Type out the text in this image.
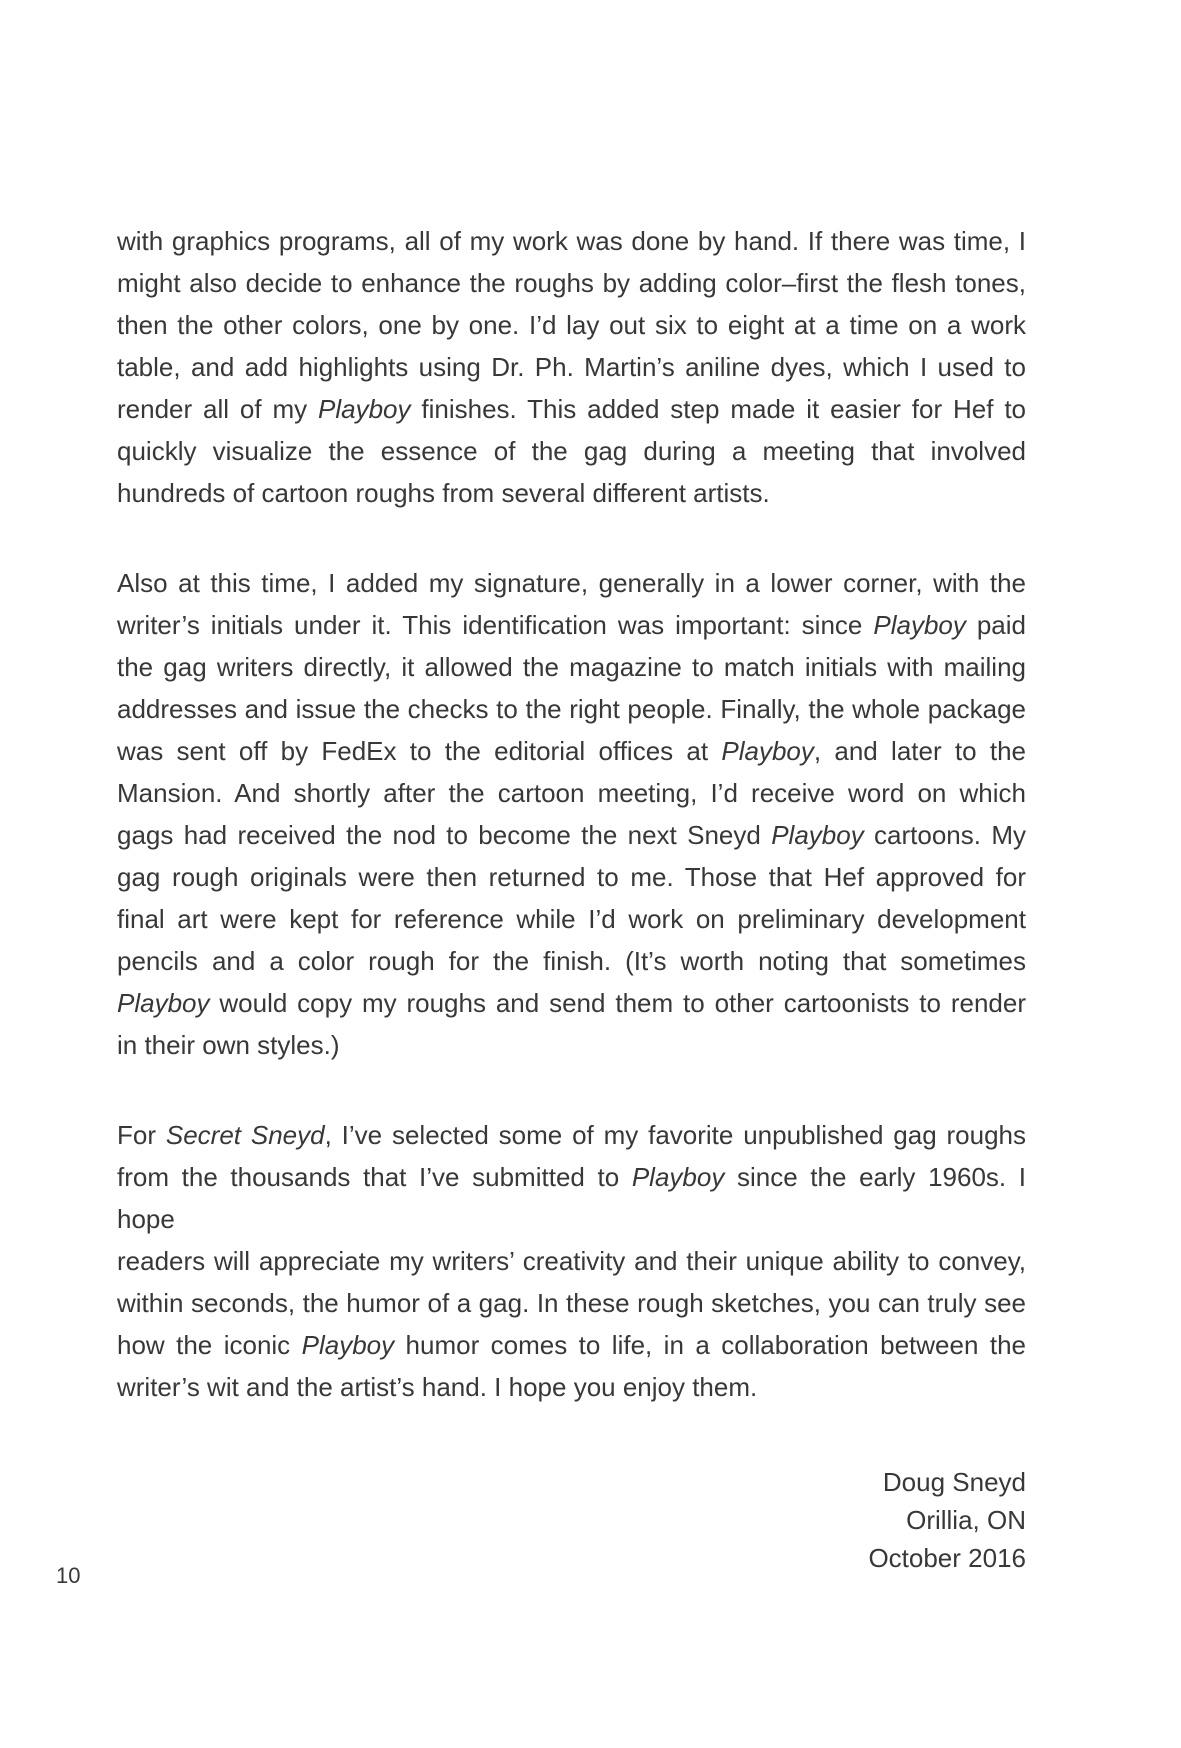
with graphics programs, all of my work was done by hand. If there was time, I
might also decide to enhance the roughs by adding color–first the flesh tones,
then the other colors, one by one. I’d lay out six to eight at a time on a work
table, and add highlights using Dr. Ph. Martin’s aniline dyes, which I used to
render all of my Playboy finishes. This added step made it easier for Hef to
quickly visualize the essence of the gag during a meeting that involved
hundreds of cartoon roughs from several different artists.
Also at this time, I added my signature, generally in a lower corner, with the
writer’s initials under it. This identification was important: since Playboy paid
the gag writers directly, it allowed the magazine to match initials with mailing
addresses and issue the checks to the right people. Finally, the whole package
was sent off by FedEx to the editorial offices at Playboy, and later to the
Mansion. And shortly after the cartoon meeting, I’d receive word on which
gags had received the nod to become the next Sneyd Playboy cartoons. My
gag rough originals were then returned to me. Those that Hef approved for
final art were kept for reference while I’d work on preliminary development
pencils and a color rough for the finish. (It’s worth noting that sometimes
Playboy would copy my roughs and send them to other cartoonists to render
in their own styles.)
For Secret Sneyd, I’ve selected some of my favorite unpublished gag roughs
from the thousands that I’ve submitted to Playboy since the early 1960s. I hope
readers will appreciate my writers’ creativity and their unique ability to convey,
within seconds, the humor of a gag. In these rough sketches, you can truly see
how the iconic Playboy humor comes to life, in a collaboration between the
writer’s wit and the artist’s hand. I hope you enjoy them.
Doug Sneyd
Orillia, ON
October 2016
10
